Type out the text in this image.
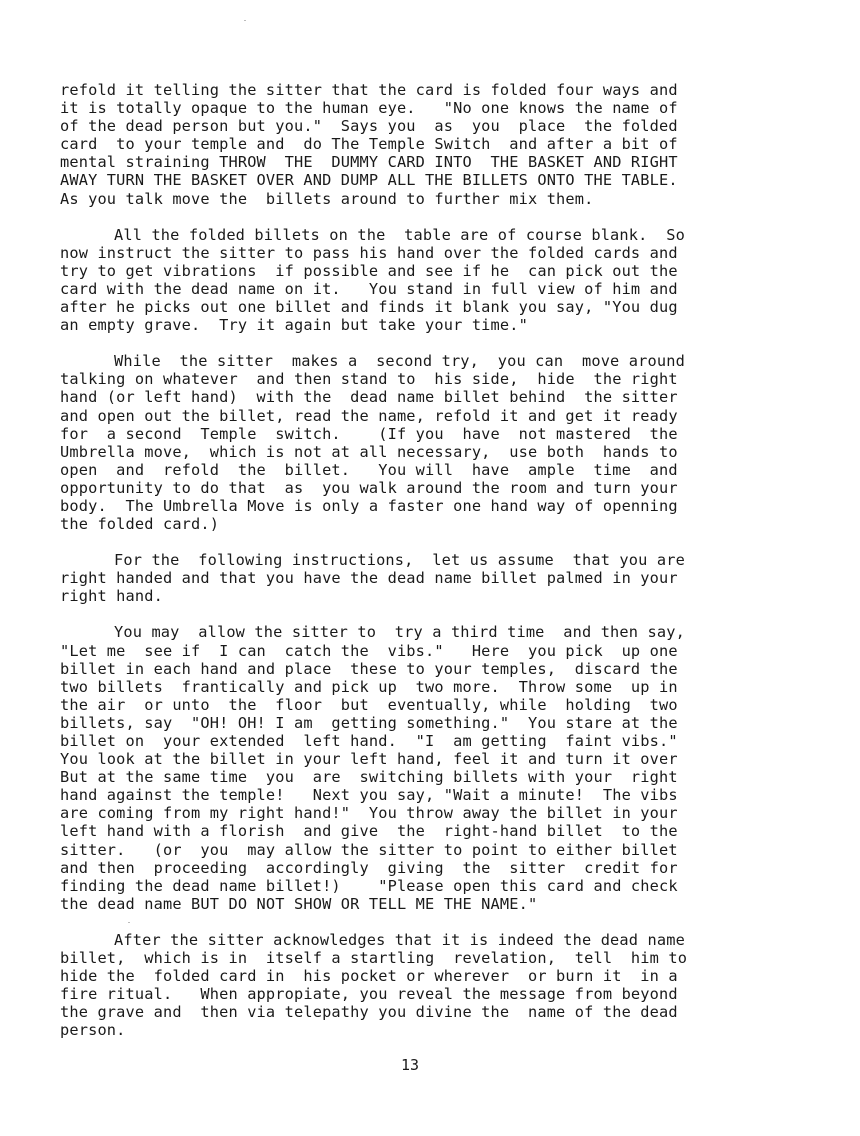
refold it telling the sitter that the card is folded four ways and
it is totally opaque to the human eye.   "No one knows the name of
of the dead person but you."  Says you  as  you  place  the folded
card  to your temple and  do The Temple Switch  and after a bit of
mental straining THROW  THE  DUMMY CARD INTO  THE BASKET AND RIGHT
AWAY TURN THE BASKET OVER AND DUMP ALL THE BILLETS ONTO THE TABLE.
As you talk move the  billets around to further mix them.
All the folded billets on the  table are of course blank.  So
now instruct the sitter to pass his hand over the folded cards and
try to get vibrations  if possible and see if he  can pick out the
card with the dead name on it.   You stand in full view of him and
after he picks out one billet and finds it blank you say, "You dug
an empty grave.  Try it again but take your time."
While  the sitter  makes a  second try,  you can  move around
talking on whatever  and then stand to  his side,  hide  the right
hand (or left hand)  with the  dead name billet behind  the sitter
and open out the billet, read the name, refold it and get it ready
for  a second  Temple  switch.    (If you  have  not mastered  the
Umbrella move,  which is not at all necessary,  use both  hands to
open  and  refold  the  billet.   You will  have  ample  time  and
opportunity to do that  as  you walk around the room and turn your
body.  The Umbrella Move is only a faster one hand way of openning
the folded card.)
For the  following instructions,  let us assume  that you are
right handed and that you have the dead name billet palmed in your
right hand.
You may  allow the sitter to  try a third time  and then say,
"Let me  see if  I can  catch the  vibs."   Here  you pick  up one
billet in each hand and place  these to your temples,  discard the
two billets  frantically and pick up  two more.  Throw some  up in
the air  or unto  the  floor  but  eventually, while  holding  two
billets, say  "OH! OH! I am  getting something."  You stare at the
billet on  your extended  left hand.  "I  am getting  faint vibs."
You look at the billet in your left hand, feel it and turn it over
But at the same time  you  are  switching billets with your  right
hand against the temple!   Next you say, "Wait a minute!  The vibs
are coming from my right hand!"  You throw away the billet in your
left hand with a florish  and give  the  right-hand billet  to the
sitter.   (or  you  may allow the sitter to point to either billet
and then  proceeding  accordingly  giving  the  sitter  credit for
finding the dead name billet!)    "Please open this card and check
the dead name BUT DO NOT SHOW OR TELL ME THE NAME."
After the sitter acknowledges that it is indeed the dead name
billet,  which is in  itself a startling  revelation,  tell  him to
hide the  folded card in  his pocket or wherever  or burn it  in a
fire ritual.   When appropiate, you reveal the message from beyond
the grave and  then via telepathy you divine the  name of the dead
person.
13
